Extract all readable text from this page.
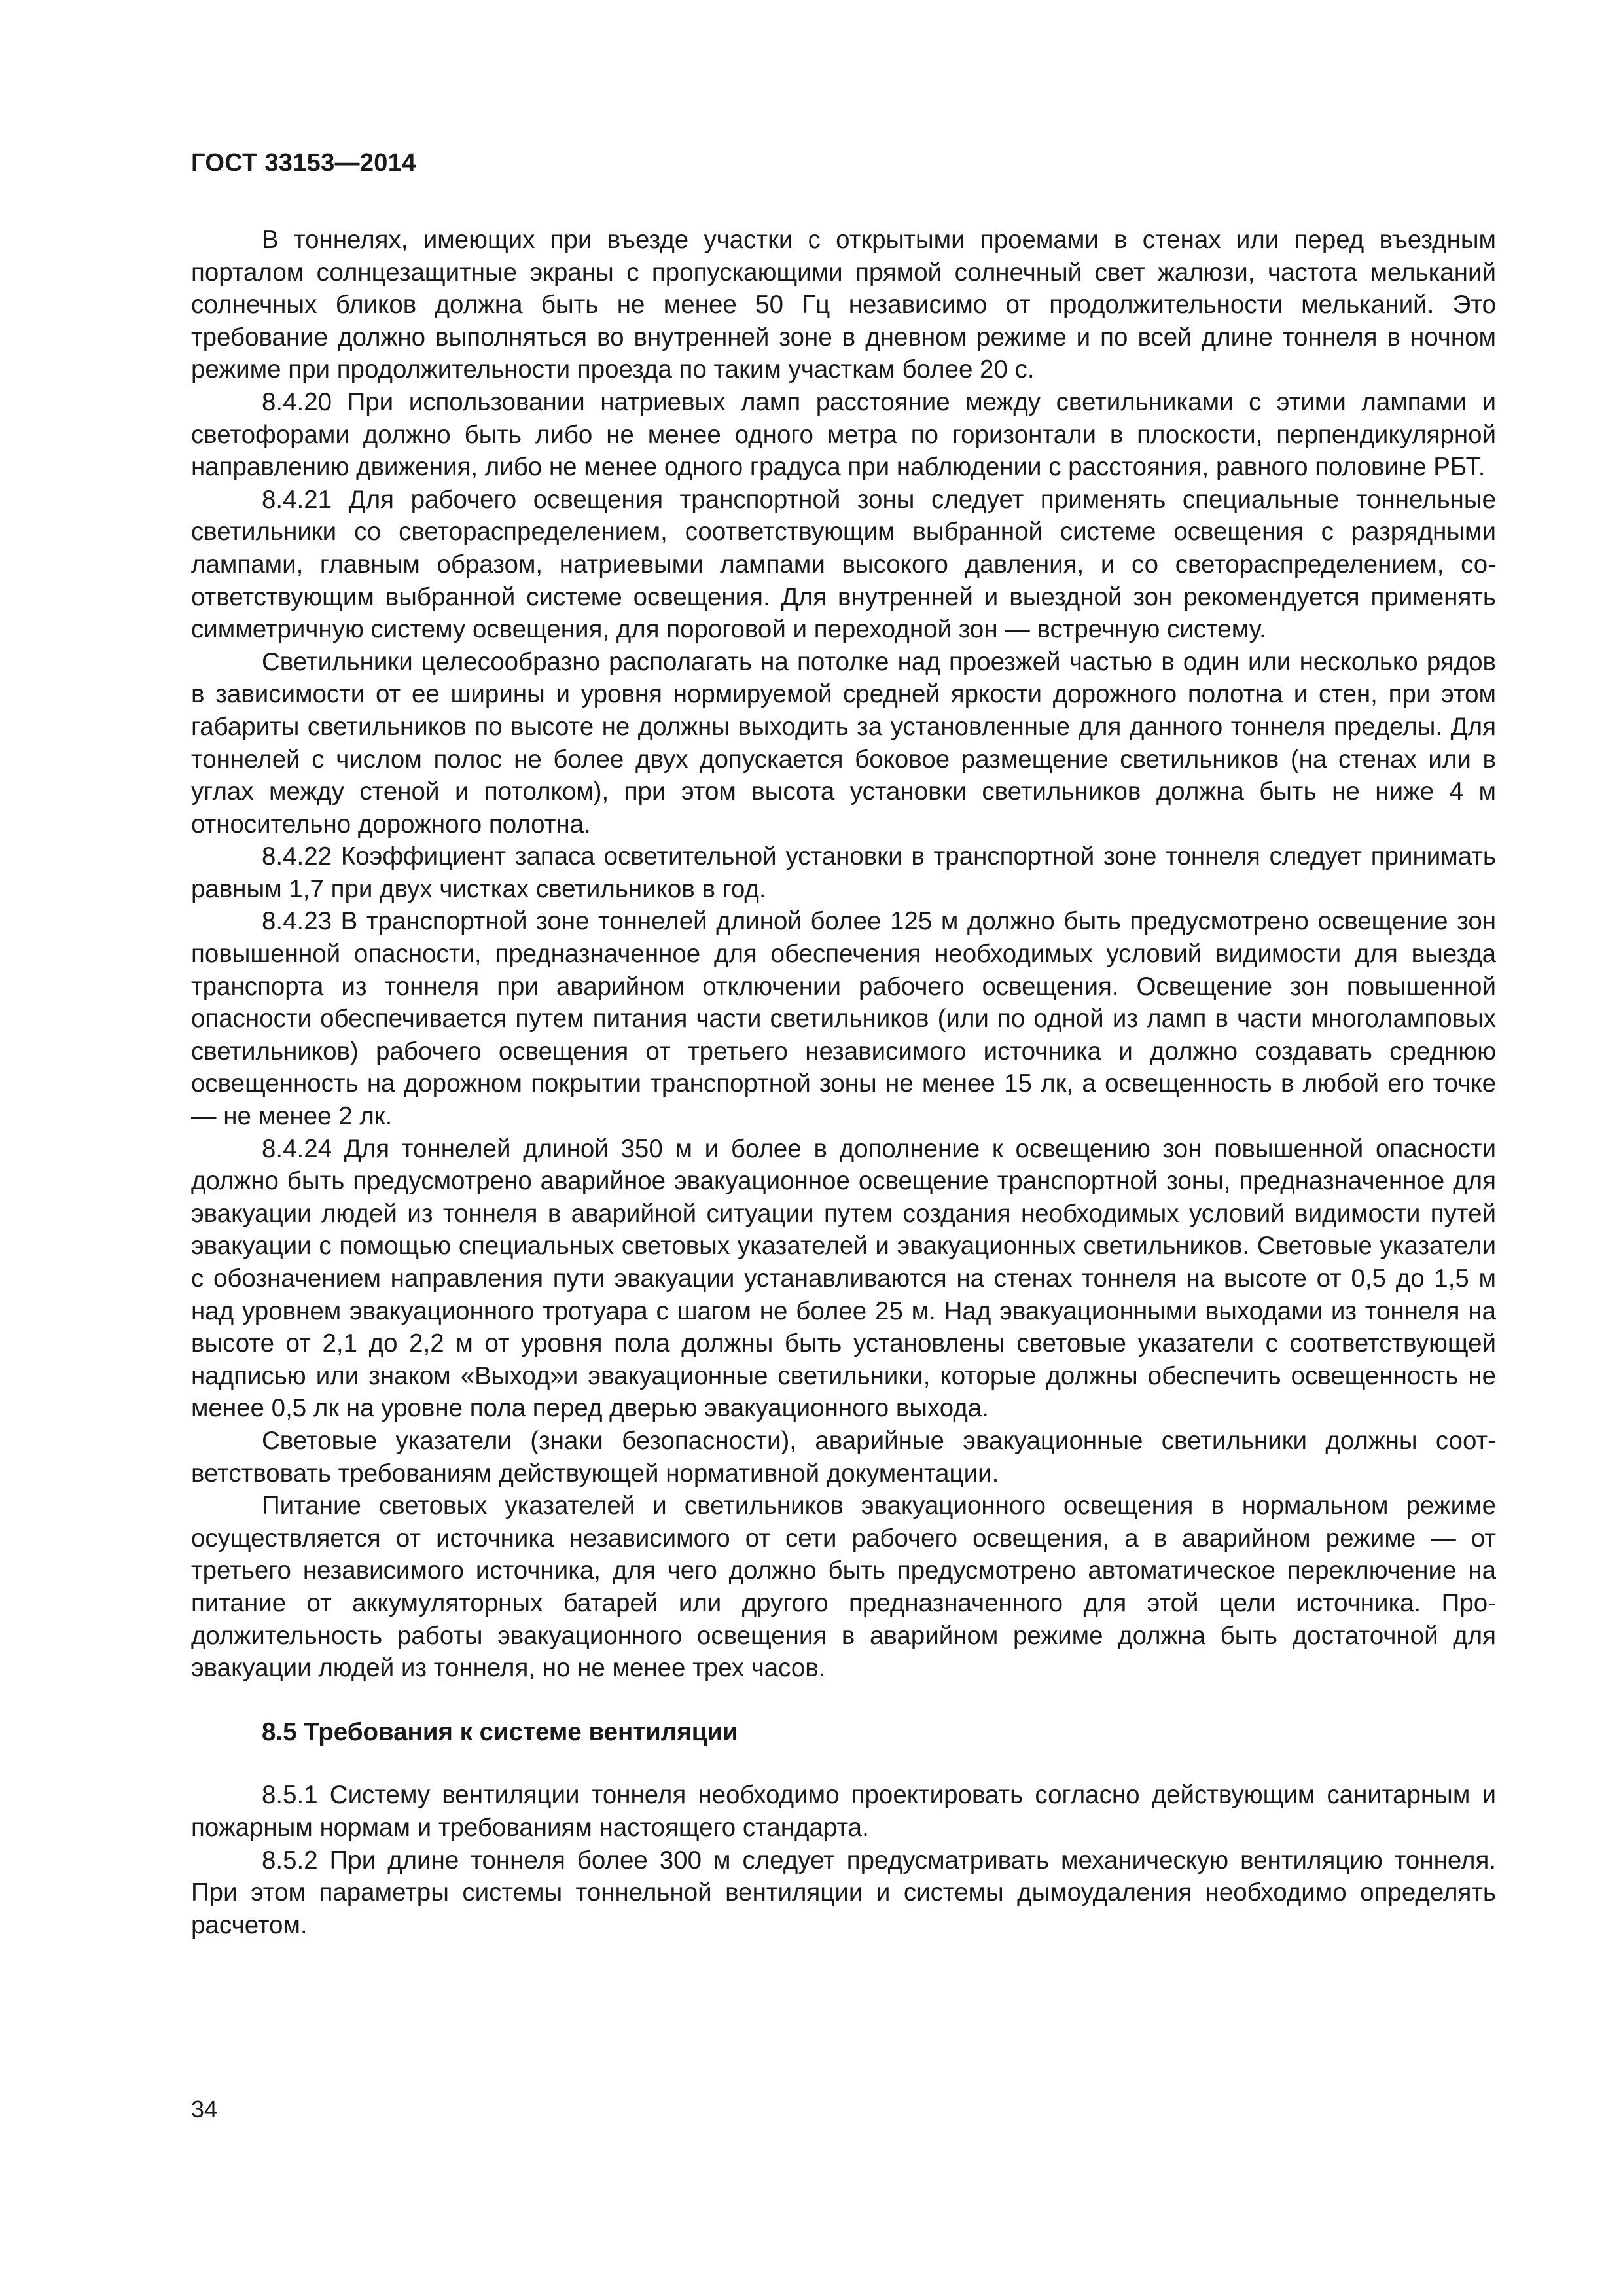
ГОСТ 33153—2014

В тоннелях, имеющих при въезде участки с открытыми проемами в стенах или перед въездным порталом солнцезащитные экраны с пропускающими прямой солнечный свет жалюзи, частота мельканий солнечных бликов должна быть не менее 50 Гц независимо от продолжительности мельканий. Это требование должно выполняться во внутренней зоне в дневном режиме и по всей длине тоннеля в ночном режиме при продолжительности проезда по таким участкам более 20 с.

8.4.20 При использовании натриевых ламп расстояние между светильниками с этими лампами и светофорами должно быть либо не менее одного метра по горизонтали в плоскости, перпендикулярной направлению движения, либо не менее одного градуса при наблюдении с расстояния, равного половине РБТ.

8.4.21 Для рабочего освещения транспортной зоны следует применять специальные тоннельные светильники со светораспределением, соответствующим выбранной системе освещения с разрядными лампами, главным образом, натриевыми лампами высокого давления, и со светораспределением, соответствующим выбранной системе освещения. Для внутренней и выездной зон рекомендуется применять симметричную систему освещения, для пороговой и переходной зон — встречную систему.

Светильники целесообразно располагать на потолке над проезжей частью в один или несколько рядов в зависимости от ее ширины и уровня нормируемой средней яркости дорожного полотна и стен, при этом габариты светильников по высоте не должны выходить за установленные для данного тоннеля пределы. Для тоннелей с числом полос не более двух допускается боковое размещение светильников (на стенах или в углах между стеной и потолком), при этом высота установки светильников должна быть не ниже 4 м относительно дорожного полотна.

8.4.22 Коэффициент запаса осветительной установки в транспортной зоне тоннеля следует принимать равным 1,7 при двух чистках светильников в год.

8.4.23 В транспортной зоне тоннелей длиной более 125 м должно быть предусмотрено освещение зон повышенной опасности, предназначенное для обеспечения необходимых условий видимости для выезда транспорта из тоннеля при аварийном отключении рабочего освещения. Освещение зон повышенной опасности обеспечивается путем питания части светильников (или по одной из ламп в части многоламповых светильников) рабочего освещения от третьего независимого источника и должно создавать среднюю освещенность на дорожном покрытии транспортной зоны не менее 15 лк, а освещенность в любой его точке — не менее 2 лк.

8.4.24 Для тоннелей длиной 350 м и более в дополнение к освещению зон повышенной опасности должно быть предусмотрено аварийное эвакуационное освещение транспортной зоны, предназначенное для эвакуации людей из тоннеля в аварийной ситуации путем создания необходимых условий видимости путей эвакуации с помощью специальных световых указателей и эвакуационных светильников. Световые указатели с обозначением направления пути эвакуации устанавливаются на стенах тоннеля на высоте от 0,5 до 1,5 м над уровнем эвакуационного тротуара с шагом не более 25 м. Над эвакуационными выходами из тоннеля на высоте от 2,1 до 2,2 м от уровня пола должны быть установлены световые указатели с соответствующей надписью или знаком «Выход»и эвакуационные светильники, которые должны обеспечить освещенность не менее 0,5 лк на уровне пола перед дверью эвакуационного выхода.

Световые указатели (знаки безопасности), аварийные эвакуационные светильники должны соответствовать требованиям действующей нормативной документации.

Питание световых указателей и светильников эвакуационного освещения в нормальном режиме осуществляется от источника независимого от сети рабочего освещения, а в аварийном режиме — от третьего независимого источника, для чего должно быть предусмотрено автоматическое переключение на питание от аккумуляторных батарей или другого предназначенного для этой цели источника. Продолжительность работы эвакуационного освещения в аварийном режиме должна быть достаточной для эвакуации людей из тоннеля, но не менее трех часов.

8.5 Требования к системе вентиляции

8.5.1 Систему вентиляции тоннеля необходимо проектировать согласно действующим санитарным и пожарным нормам и требованиям настоящего стандарта.

8.5.2 При длине тоннеля более 300 м следует предусматривать механическую вентиляцию тоннеля. При этом параметры системы тоннельной вентиляции и системы дымоудаления необходимо определять расчетом.

34
